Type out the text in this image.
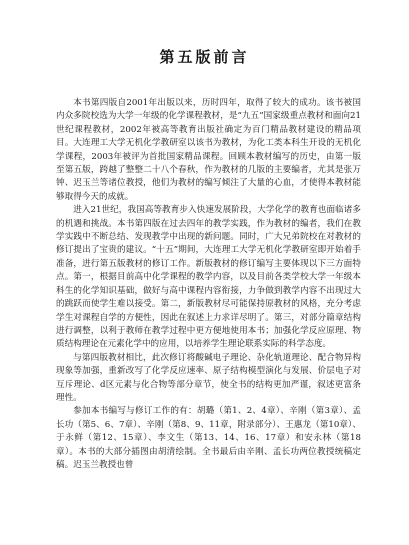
第五版前言

本书第四版自2001年出版以来，历时四年，取得了较大的成功。该书被国内众多院校选为大学一年级的化学课程教材，是“九五”国家级重点教材和面向21世纪课程教材，2002年被高等教育出版社确定为百门精品教材建设的精品项目。大连理工大学无机化学教研室以该书为教材，为化工类本科生开设的无机化学课程，2003年被评为首批国家精品课程。回顾本教材编写的历史，由第一版至第五版，跨越了整整二十八个春秋，作为教材的几版的主要编者，尤其是张万钟、迟玉兰等诸位教授，他们为教材的编写倾注了大量的心血，才使得本教材能够取得今天的成就。

进入21世纪，我国高等教育步入快速发展阶段，大学化学的教育也面临诸多的机遇和挑战。本书第四版在过去四年的教学实践，作为教材的编者，我们在教学实践中不断总结、发现教学中出现的新问题。同时，广大兄弟院校在对教材的修订提出了宝贵的建议。“十五”期间，大连理工大学无机化学教研室即开始着手准备，进行第五版教材的修订工作。新版教材的修订编写主要体现以下三方面特点。第一，根据目前高中化学课程的教学内容，以及目前各类学校大学一年级本科生的化学知识基础，做好与高中课程内容衔接，力争做到教学内容不出现过大的跳跃而使学生难以接受。第二，新版教材尽可能保持原教材的风格，充分考虑学生对课程自学的方便性，因此在叙述上力求详尽明了。第三，对部分篇章结构进行调整，以利于教师在教学过程中更方便地使用本书；加强化学反应原理、物质结构理论在元素化学中的应用，以培养学生理论联系实际的科学态度。

与第四版教材相比，此次修订将酸碱电子理论、杂化轨道理论、配合物异构现象等加强，重新改写了化学反应速率、原子结构模型演化与发展、价层电子对互斥理论、d区元素与化合物等部分章节，使全书的结构更加严谨，叙述更富条理性。

参加本书编写与修订工作的有：胡璐（第1、2、4章）、辛刚（第3章）、孟长功（第5、6、7章）、辛刚（第8、9、11章，附录部分）、王惠龙（第10章）、于永鲜（第12、15章）、李文生（第13、14、16、17章）和安永林（第18章）。本书的大部分插图由胡清绘制。全书最后由辛刚、孟长功两位教授统稿定稿。迟玉兰教授也曾
